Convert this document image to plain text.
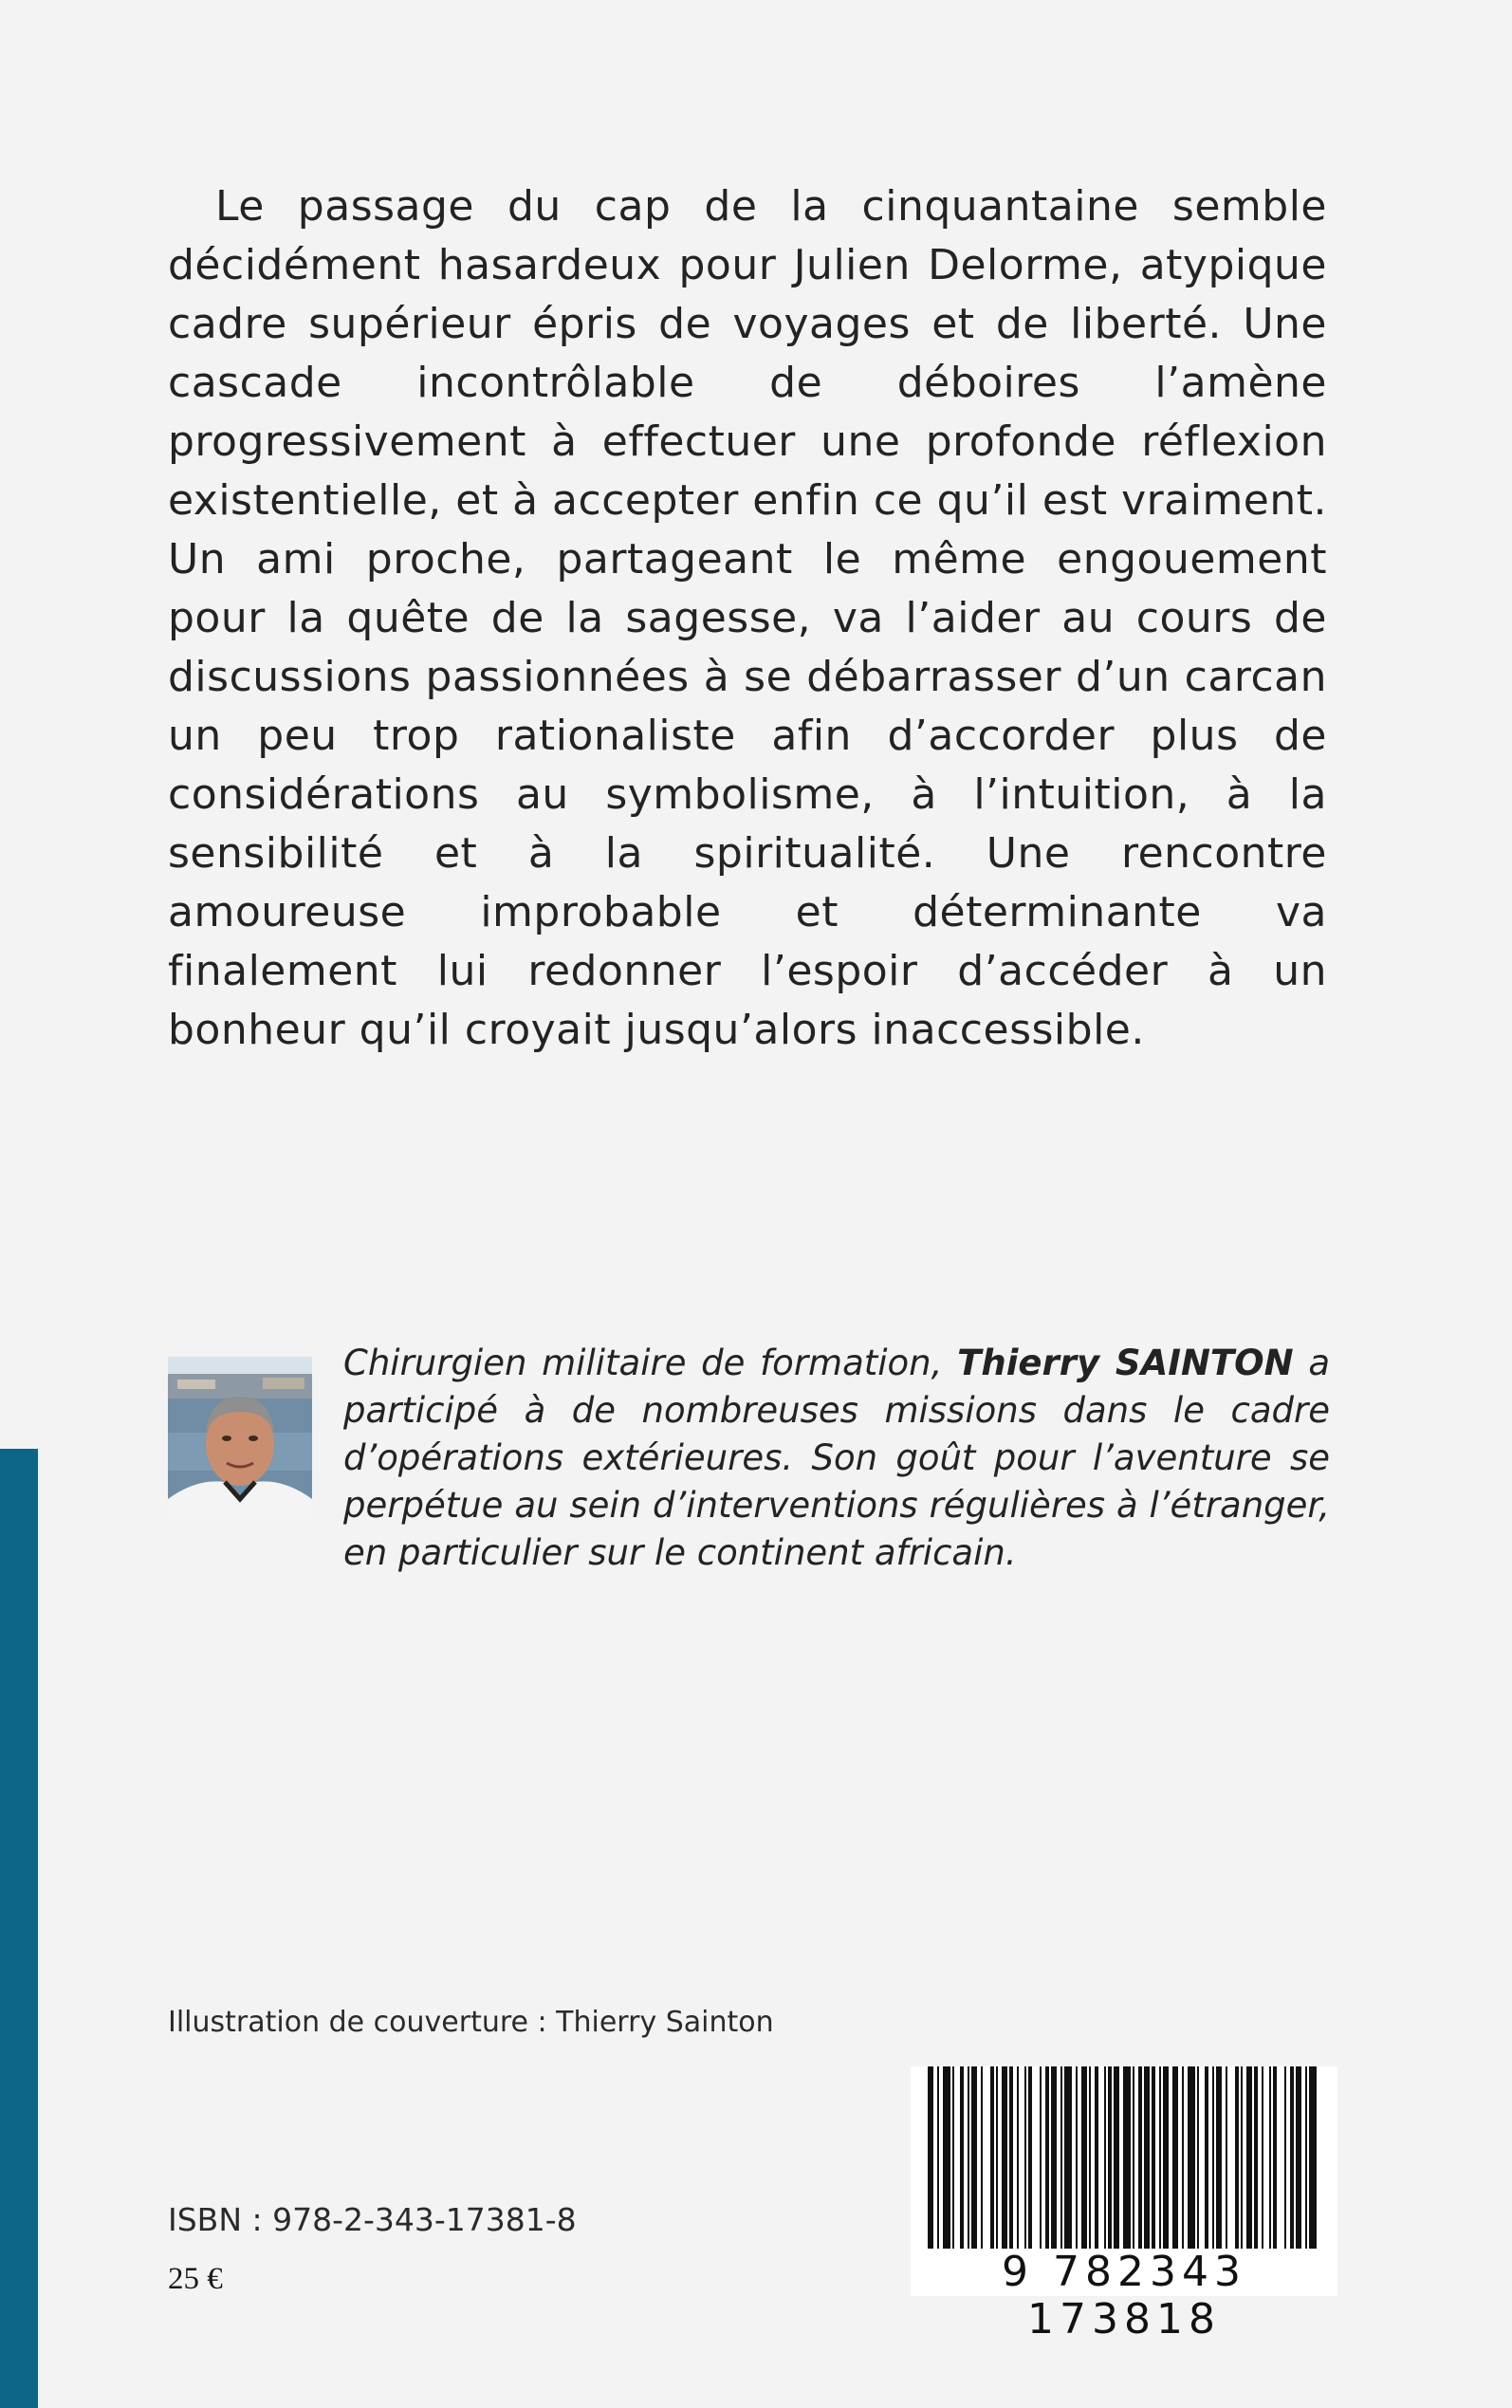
Le passage du cap de la cinquantaine semble décidément hasardeux pour Julien Delorme, atypique cadre supérieur épris de voyages et de liberté. Une cascade incontrôlable de déboires l’amène progressivement à effectuer une profonde réflexion existentielle, et à accepter enfin ce qu’il est vraiment. Un ami proche, partageant le même engouement pour la quête de la sagesse, va l’aider au cours de discussions passionnées à se débarrasser d’un carcan un peu trop rationaliste afin d’accorder plus de considérations au symbolisme, à l’intuition, à la sensibilité et à la spiritualité. Une rencontre amoureuse improbable et déterminante va finalement lui redonner l’espoir d’accéder à un bonheur qu’il croyait jusqu’alors inaccessible.

Chirurgien militaire de formation, Thierry SAINTON a participé à de nombreuses missions dans le cadre d’opérations extérieures. Son goût pour l’aventure se perpétue au sein d’interventions régulières à l’étranger, en particulier sur le continent africain.

Illustration de couverture : Thierry Sainton
ISBN : 978-2-343-17381-8
25 €	9 782343 173818
